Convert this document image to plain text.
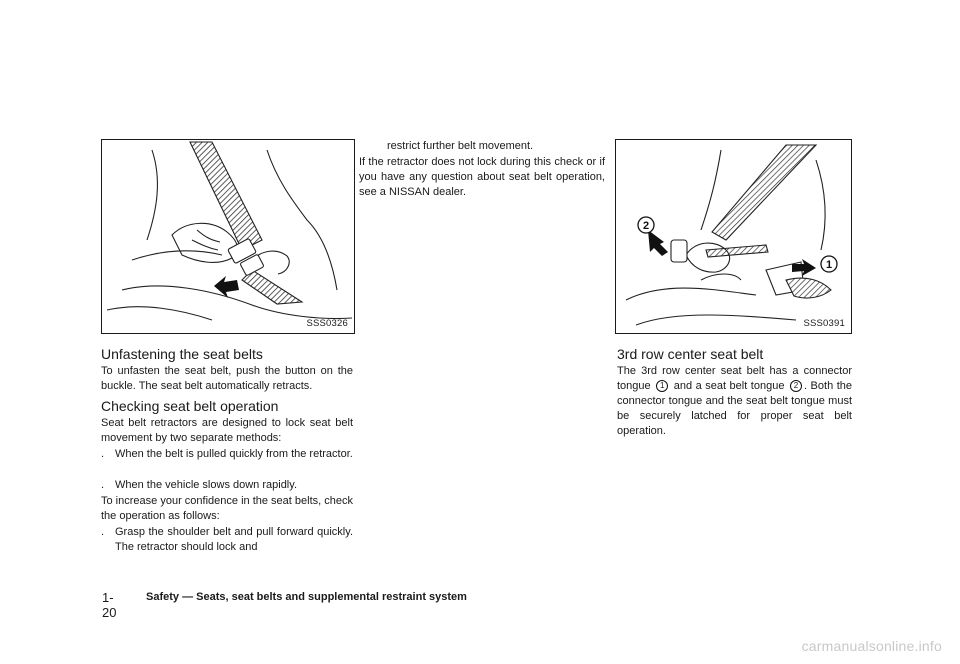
SSS0326
Unfastening the seat belts

To unfasten the seat belt, push the button on the buckle. The seat belt automatically retracts.

Checking seat belt operation

Seat belt retractors are designed to lock seat belt movement by two separate methods:

. When the belt is pulled quickly from the retractor.
. When the vehicle slows down rapidly.

To increase your confidence in the seat belts, check the operation as follows:

. Grasp the shoulder belt and pull forward quickly. The retractor should lock and

restrict further belt movement.

If the retractor does not lock during this check or if you have any question about seat belt operation, see a NISSAN dealer.

2
1
SSS0391
3rd row center seat belt

The 3rd row center seat belt has a connector tongue 1 and a seat belt tongue 2 . Both the connector tongue and the seat belt tongue must be securely latched for proper seat belt operation.

1-20
Safety — Seats, seat belts and supplemental restraint system
carmanualsonline.info
